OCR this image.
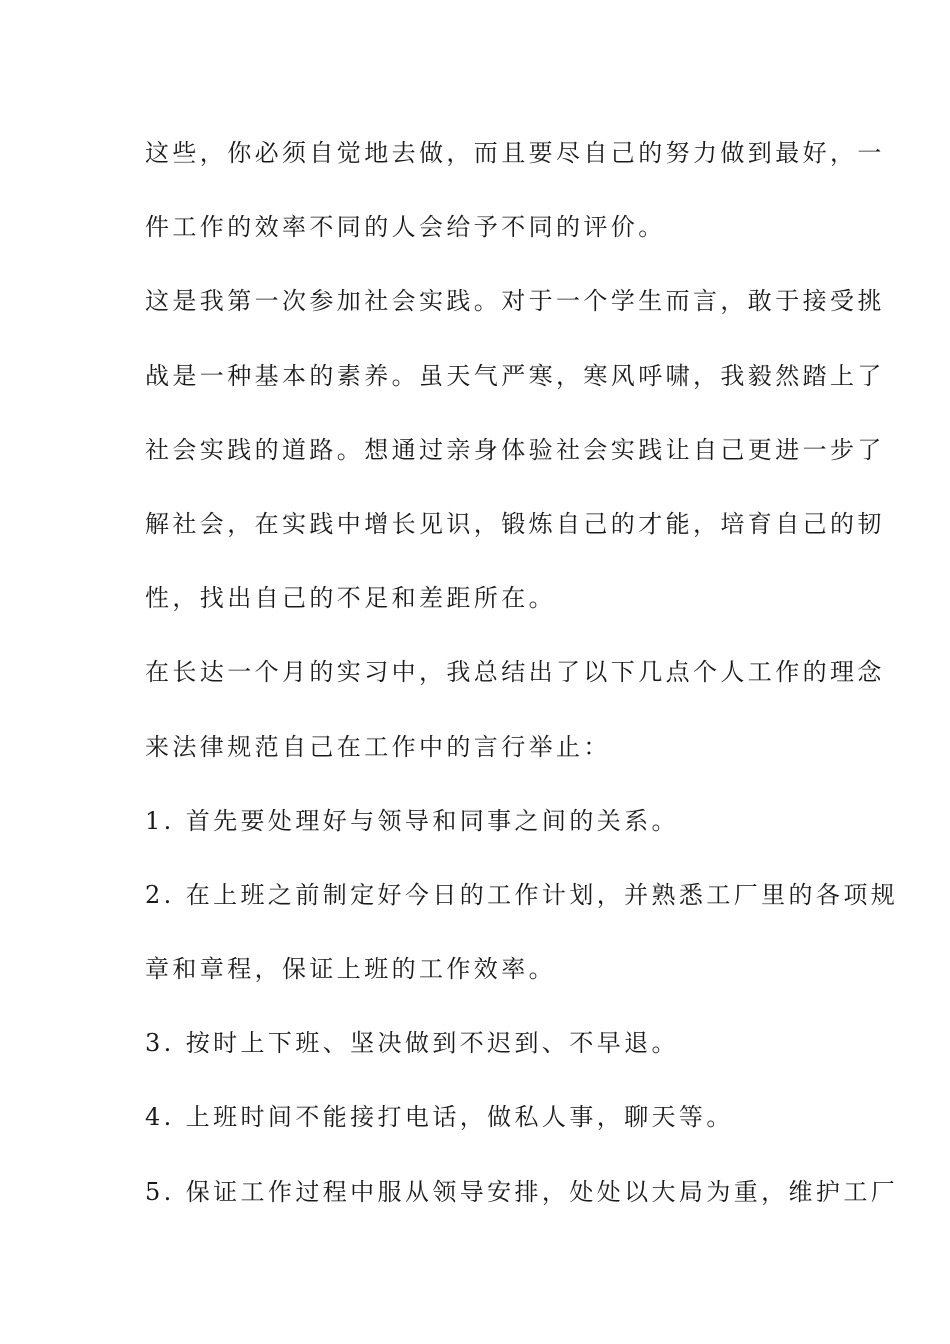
这些，你必须自觉地去做，而且要尽自己的努力做到最好，一
件工作的效率不同的人会给予不同的评价。
这是我第一次参加社会实践。对于一个学生而言，敢于接受挑
战是一种基本的素养。虽天气严寒，寒风呼啸，我毅然踏上了
社会实践的道路。想通过亲身体验社会实践让自己更进一步了
解社会，在实践中增长见识，锻炼自己的才能，培育自己的韧
性，找出自己的不足和差距所在。
在长达一个月的实习中，我总结出了以下几点个人工作的理念
来法律规范自己在工作中的言行举止：
1. 首先要处理好与领导和同事之间的关系。
2. 在上班之前制定好今日的工作计划，并熟悉工厂里的各项规
章和章程，保证上班的工作效率。
3. 按时上下班、坚决做到不迟到、不早退。
4. 上班时间不能接打电话，做私人事，聊天等。
5. 保证工作过程中服从领导安排，处处以大局为重，维护工厂
